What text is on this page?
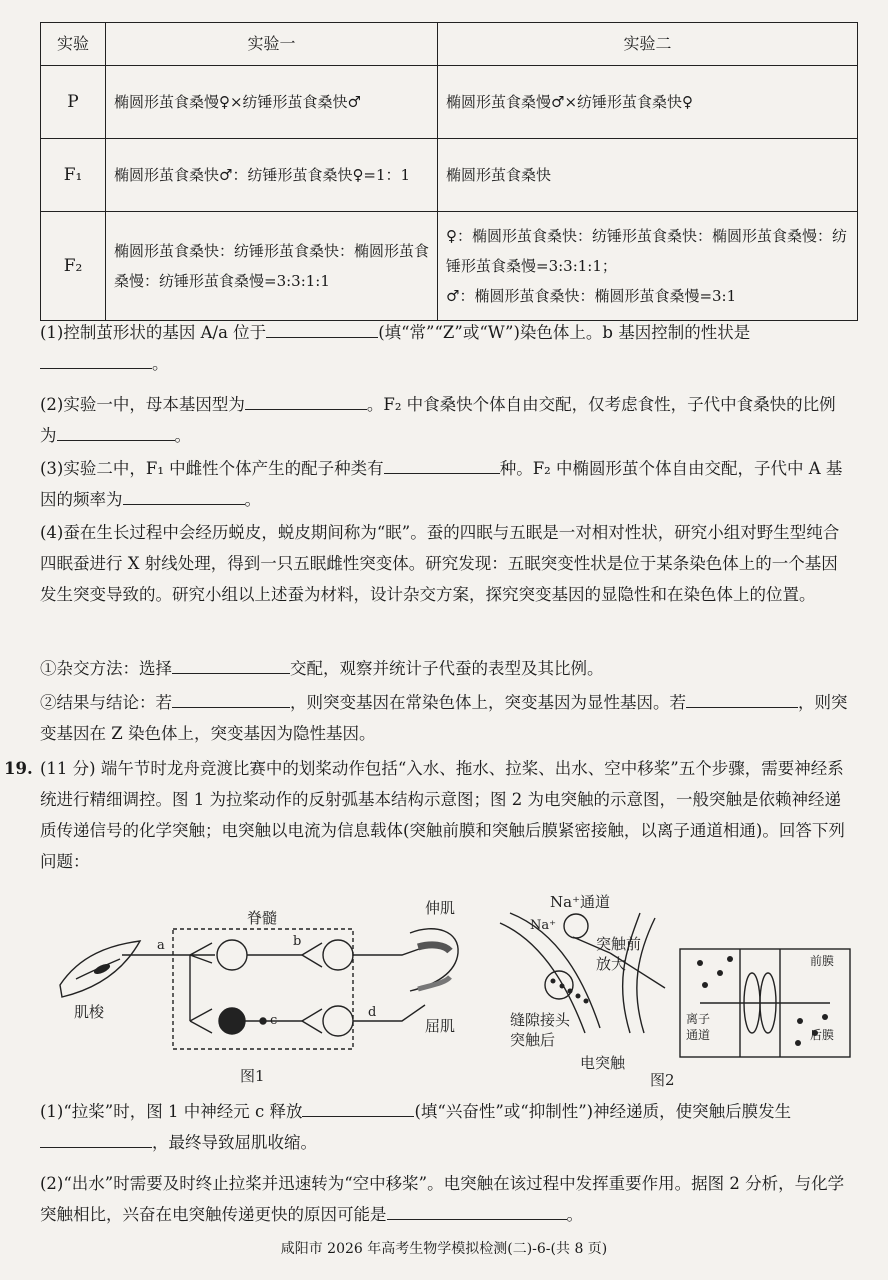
实验	实验一	实验二
P	椭圆形茧食桑慢♀×纺锤形茧食桑快♂	椭圆形茧食桑慢♂×纺锤形茧食桑快♀
F₁	椭圆形茧食桑快♂：纺锤形茧食桑快♀=1：1	椭圆形茧食桑快
F₂	椭圆形茧食桑快：纺锤形茧食桑快：椭圆形茧食桑慢：纺锤形茧食桑慢=3:3:1:1	♀：椭圆形茧食桑快：纺锤形茧食桑快：椭圆形茧食桑慢：纺锤形茧食桑慢=3:3:1:1；
♂：椭圆形茧食桑快：椭圆形茧食桑慢=3:1
(1)控制茧形状的基因 A/a 位于	(填“常”“Z”或“W”)染色体上。b 基因控制的性状是。
(2)实验一中，母本基因型为	。F₂ 中食桑快个体自由交配，仅考虑食性，子代中食桑快的比例为	。
(3)实验二中，F₁ 中雌性个体产生的配子种类有	种。F₂ 中椭圆形茧个体自由交配，子代中 A 基因的频率为	。
(4)蚕在生长过程中会经历蜕皮，蜕皮期间称为“眠”。蚕的四眠与五眠是一对相对性状，研究小组对野生型纯合四眠蚕进行 X 射线处理，得到一只五眠雌性突变体。研究发现：五眠突变性状是位于某条染色体上的一个基因发生突变导致的。研究小组以上述蚕为材料，设计杂交方案，探究突变基因的显隐性和在染色体上的位置。
①杂交方法：选择	交配，观察并统计子代蚕的表型及其比例。
②结果与结论：若	，则突变基因在常染色体上，突变基因为显性基因。若	，则突变基因在 Z 染色体上，突变基因为隐性基因。
19. (11 分) 端午节时龙舟竞渡比赛中的划桨动作包括“入水、拖水、拉桨、出水、空中移桨”五个步骤，需要神经系统进行精细调控。图 1 为拉桨动作的反射弧基本结构示意图；图 2 为电突触的示意图，一般突触是依赖神经递质传递信号的化学突触；电突触以电流为信息载体(突触前膜和突触后膜紧密接触，以离子通道相通)。回答下列问题：
脊髓
肌梭
伸肌
屈肌
a	b
c
d
图1
Na⁺通道
Na⁺
突触前
放大
缝隙接头
突触后
电突触
前膜
后膜
离子
通道
图2
(1)“拉桨”时，图 1 中神经元 c 释放	(填“兴奋性”或“抑制性”)神经递质，使突触后膜发生，最终导致屈肌收缩。
(2)“出水”时需要及时终止拉桨并迅速转为“空中移桨”。电突触在该过程中发挥重要作用。据图 2 分析，与化学突触相比，兴奋在电突触传递更快的原因可能是	。
咸阳市 2026 年高考生物学模拟检测(二)-6-(共 8 页)
